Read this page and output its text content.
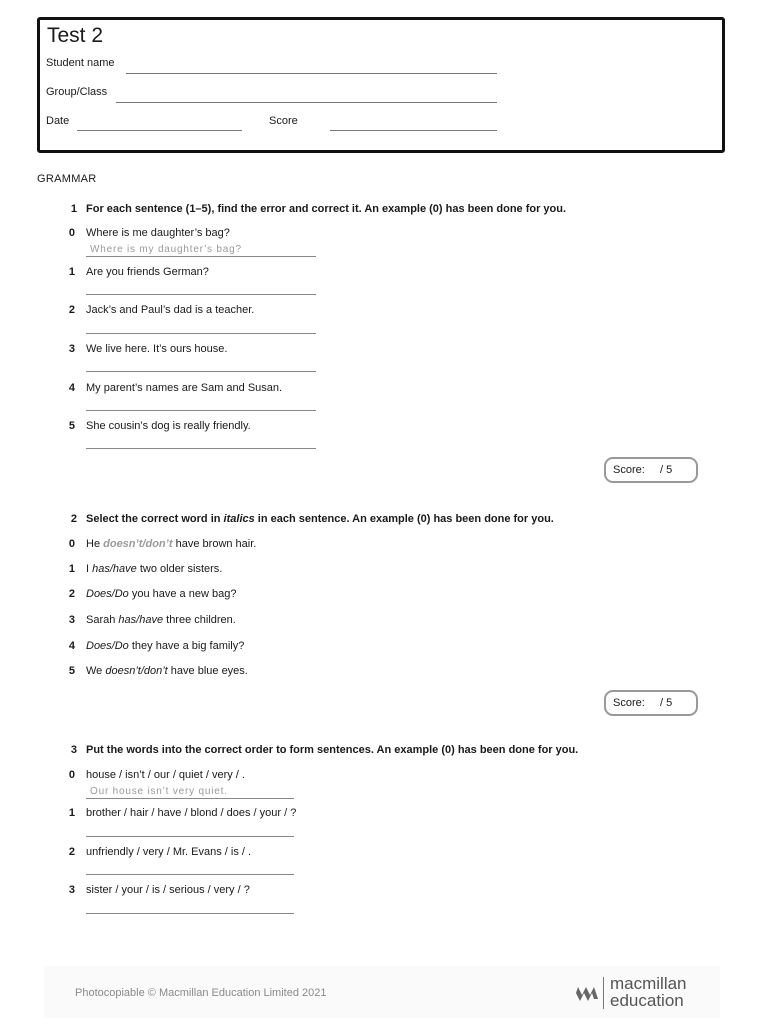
Test 2
Student name
Group/Class
Date	Score
GRAMMAR
1 For each sentence (1–5), find the error and correct it. An example (0) has been done for you.
0 Where is me daughter’s bag?
Where is my daughter’s bag?
1 Are you friends German?
2 Jack’s and Paul’s dad is a teacher.
3 We live here. It’s ours house.
4 My parent’s names are Sam and Susan.
5 She cousin’s dog is really friendly.
Score: / 5
2 Select the correct word in italics in each sentence. An example (0) has been done for you.
0 He doesn’t/don’t have brown hair.
1 I has/have two older sisters.
2 Does/Do you have a new bag?
3 Sarah has/have three children.
4 Does/Do they have a big family?
5 We doesn’t/don’t have blue eyes.
Score: / 5
3 Put the words into the correct order to form sentences. An example (0) has been done for you.
0 house / isn’t / our / quiet / very / .
Our house isn’t very quiet.
1 brother / hair / have / blond / does / your / ?
2 unfriendly / very / Mr. Evans / is / .
3 sister / your / is / serious / very / ?
Photocopiable © Macmillan Education Limited 2021	macmillan
education
